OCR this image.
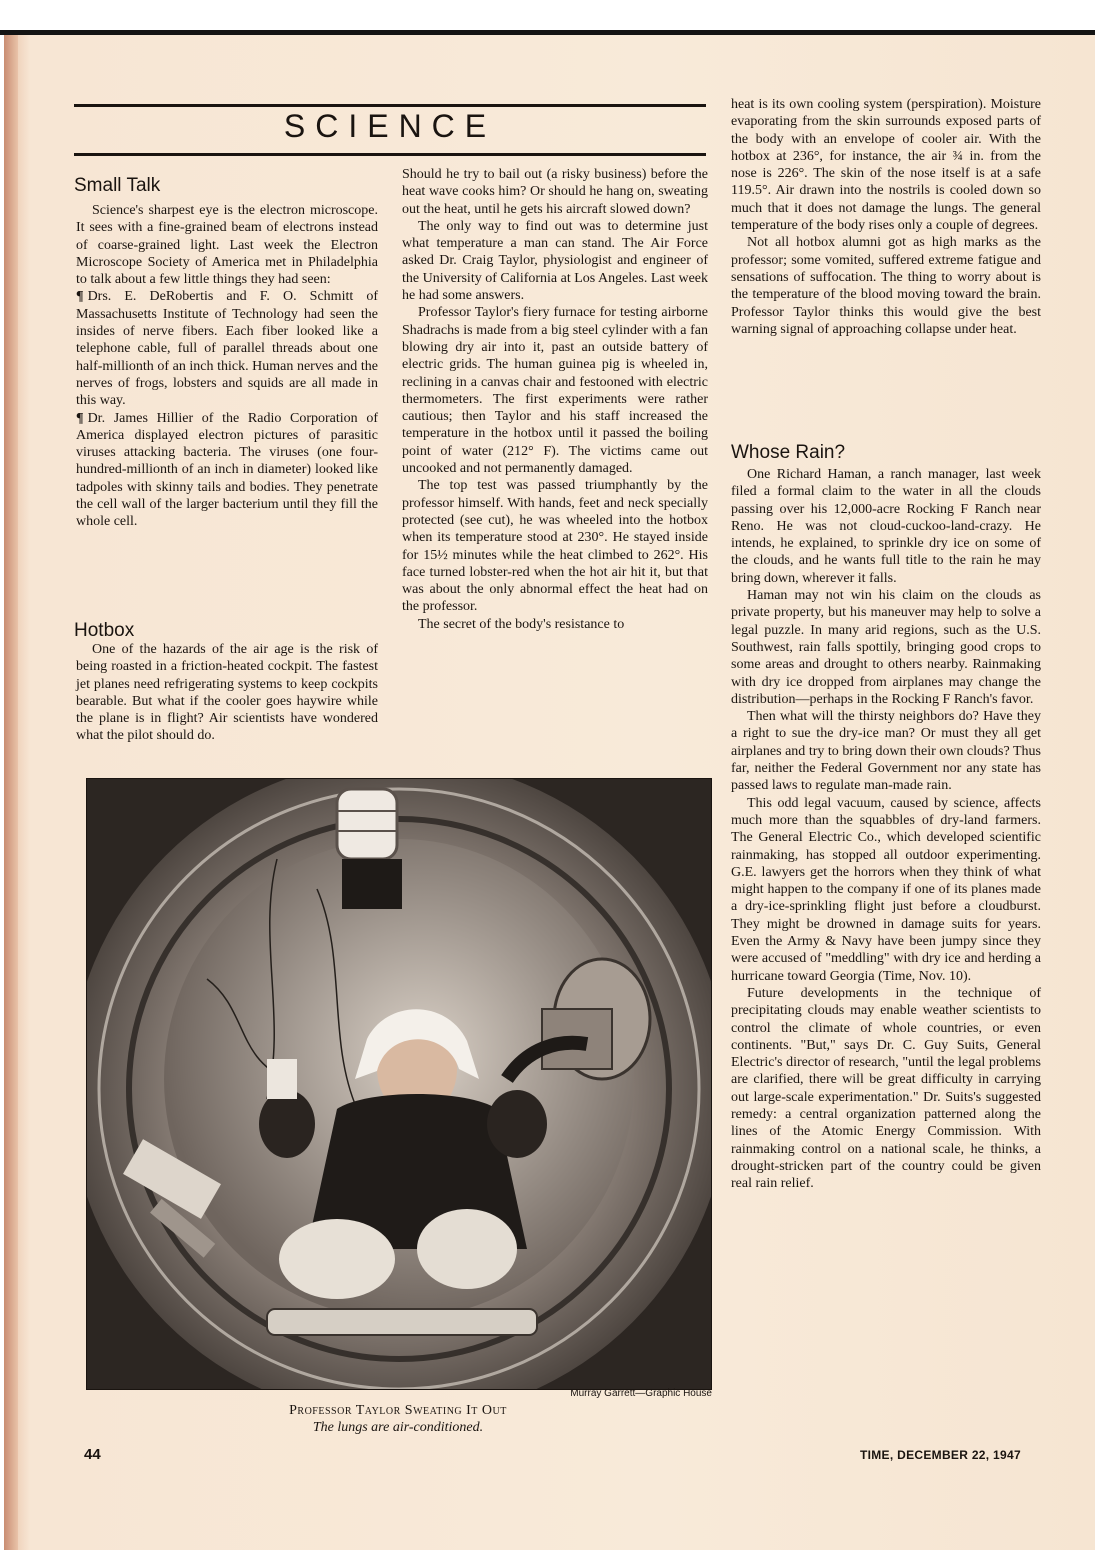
SCIENCE
Small Talk

Science's sharpest eye is the electron microscope. It sees with a fine-grained beam of electrons instead of coarse-grained light. Last week the Electron Microscope Society of America met in Philadelphia to talk about a few little things they had seen:

¶ Drs. E. DeRobertis and F. O. Schmitt of Massachusetts Institute of Technology had seen the insides of nerve fibers. Each fiber looked like a telephone cable, full of parallel threads about one half-millionth of an inch thick. Human nerves and the nerves of frogs, lobsters and squids are all made in this way.

¶ Dr. James Hillier of the Radio Corporation of America displayed electron pictures of parasitic viruses attacking bacteria. The viruses (one four-hundred-millionth of an inch in diameter) looked like tadpoles with skinny tails and bodies. They penetrate the cell wall of the larger bacterium until they fill the whole cell.

Hotbox

One of the hazards of the air age is the risk of being roasted in a friction-heated cockpit. The fastest jet planes need refrigerating systems to keep cockpits bearable. But what if the cooler goes haywire while the plane is in flight? Air scientists have wondered what the pilot should do.

Should he try to bail out (a risky business) before the heat wave cooks him? Or should he hang on, sweating out the heat, until he gets his aircraft slowed down?

The only way to find out was to determine just what temperature a man can stand. The Air Force asked Dr. Craig Taylor, physiologist and engineer of the University of California at Los Angeles. Last week he had some answers.

Professor Taylor's fiery furnace for testing airborne Shadrachs is made from a big steel cylinder with a fan blowing dry air into it, past an outside battery of electric grids. The human guinea pig is wheeled in, reclining in a canvas chair and festooned with electric thermometers. The first experiments were rather cautious; then Taylor and his staff increased the temperature in the hotbox until it passed the boiling point of water (212° F). The victims came out uncooked and not permanently damaged.

The top test was passed triumphantly by the professor himself. With hands, feet and neck specially protected (see cut), he was wheeled into the hotbox when its temperature stood at 230°. He stayed inside for 15½ minutes while the heat climbed to 262°. His face turned lobster-red when the hot air hit it, but that was about the only abnormal effect the heat had on the professor.

The secret of the body's resistance to

heat is its own cooling system (perspiration). Moisture evaporating from the skin surrounds exposed parts of the body with an envelope of cooler air. With the hotbox at 236°, for instance, the air ¾ in. from the nose is 226°. The skin of the nose itself is at a safe 119.5°. Air drawn into the nostrils is cooled down so much that it does not damage the lungs. The general temperature of the body rises only a couple of degrees.

Not all hotbox alumni got as high marks as the professor; some vomited, suffered extreme fatigue and sensations of suffocation. The thing to worry about is the temperature of the blood moving toward the brain. Professor Taylor thinks this would give the best warning signal of approaching collapse under heat.

Whose Rain?

One Richard Haman, a ranch manager, last week filed a formal claim to the water in all the clouds passing over his 12,000-acre Rocking F Ranch near Reno. He was not cloud-cuckoo-land-crazy. He intends, he explained, to sprinkle dry ice on some of the clouds, and he wants full title to the rain he may bring down, wherever it falls.

Haman may not win his claim on the clouds as private property, but his maneuver may help to solve a legal puzzle. In many arid regions, such as the U.S. Southwest, rain falls spottily, bringing good crops to some areas and drought to others nearby. Rainmaking with dry ice dropped from airplanes may change the distribution—perhaps in the Rocking F Ranch's favor.

Then what will the thirsty neighbors do? Have they a right to sue the dry-ice man? Or must they all get airplanes and try to bring down their own clouds? Thus far, neither the Federal Government nor any state has passed laws to regulate man-made rain.

This odd legal vacuum, caused by science, affects much more than the squabbles of dry-land farmers. The General Electric Co., which developed scientific rainmaking, has stopped all outdoor experimenting. G.E. lawyers get the horrors when they think of what might happen to the company if one of its planes made a dry-ice-sprinkling flight just before a cloudburst. They might be drowned in damage suits for years. Even the Army & Navy have been jumpy since they were accused of "meddling" with dry ice and herding a hurricane toward Georgia (Time, Nov. 10).

Future developments in the technique of precipitating clouds may enable weather scientists to control the climate of whole countries, or even continents. "But," says Dr. C. Guy Suits, General Electric's director of research, "until the legal problems are clarified, there will be great difficulty in carrying out large-scale experimentation." Dr. Suits's suggested remedy: a central organization patterned along the lines of the Atomic Energy Commission. With rainmaking control on a national scale, he thinks, a drought-stricken part of the country could be given real rain relief.

Murray Garrett—Graphic House
Professor Taylor Sweating It Out
The lungs are air-conditioned.
44	TIME, DECEMBER 22, 1947
